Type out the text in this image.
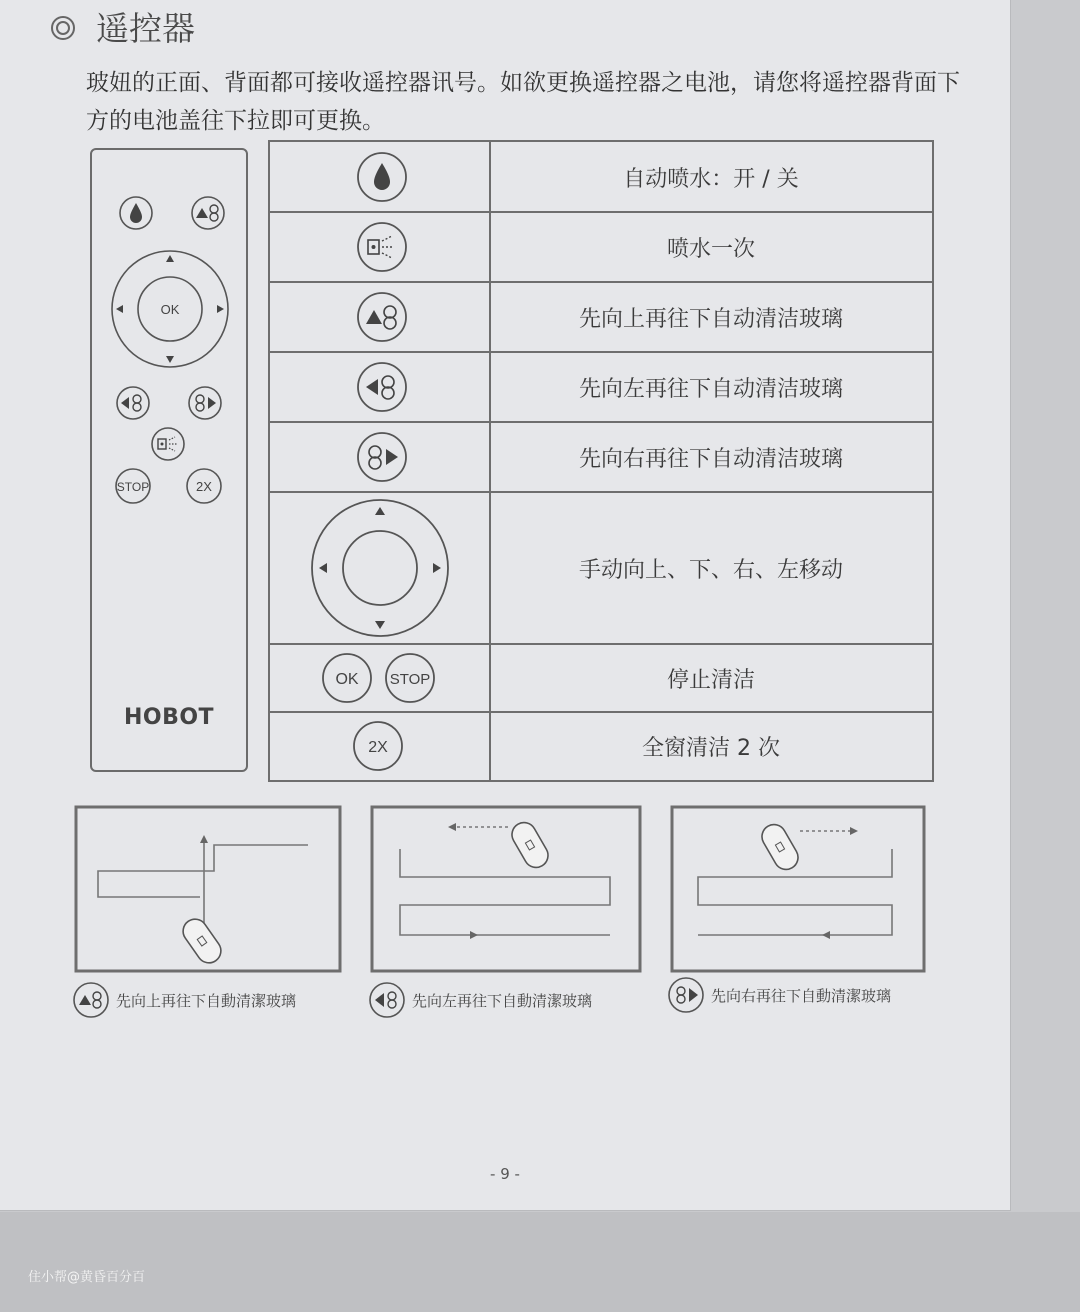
遥控器
玻妞的正面、背面都可接收遥控器讯号。如欲更换遥控器之电池，请您将遥控器背面下方的电池盖往下拉即可更换。
OK
STOP	2X
HOBOT
自动喷水：开 / 关
喷水一次
先向上再往下自动清洁玻璃
先向左再往下自动清洁玻璃
先向右再往下自动清洁玻璃
手动向上、下、右、左移动
OK STOP	停止清洁
2X	全窗清洁 2 次
先向上再往下自動清潔玻璃	先向左再往下自動清潔玻璃	先向右再往下自動清潔玻璃
- 9 -
住小帮@黄昏百分百
